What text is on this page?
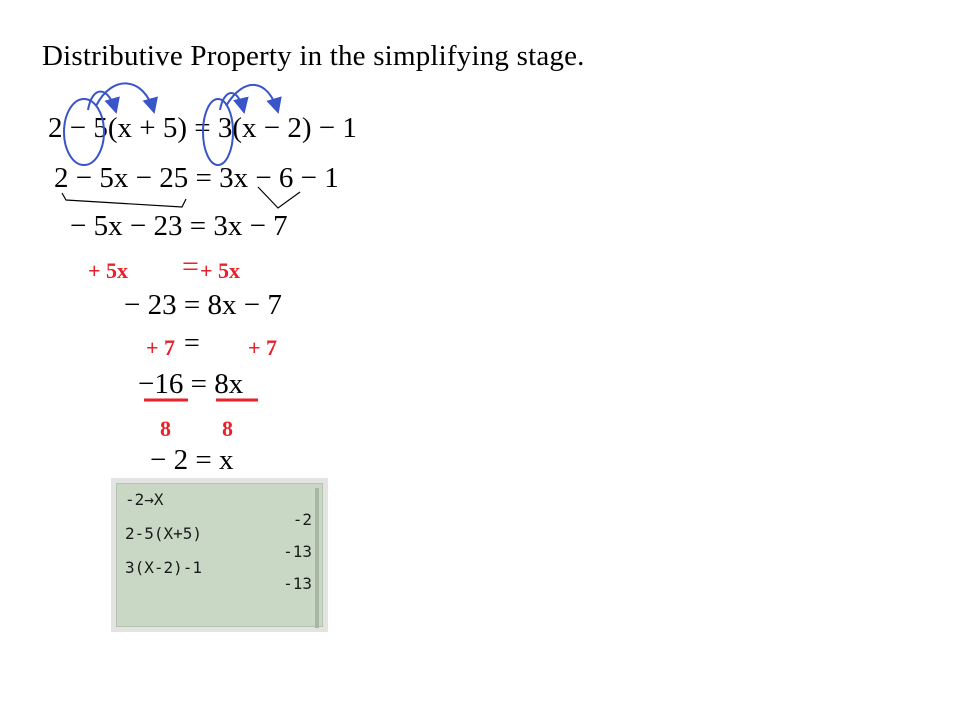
Distributive Property in the simplifying stage.
2 − 5(x + 5) = 3(x − 2) − 1
2 − 5x − 25 = 3x − 6 − 1
− 5x − 23 = 3x − 7
+ 5x = + 5x
− 23 = 8x − 7
+ 7 = + 7
−16 = 8x
8 8
− 2 = x
-2→X
2-5(X+5)
-2
3(X-2)-1
-13
-13
